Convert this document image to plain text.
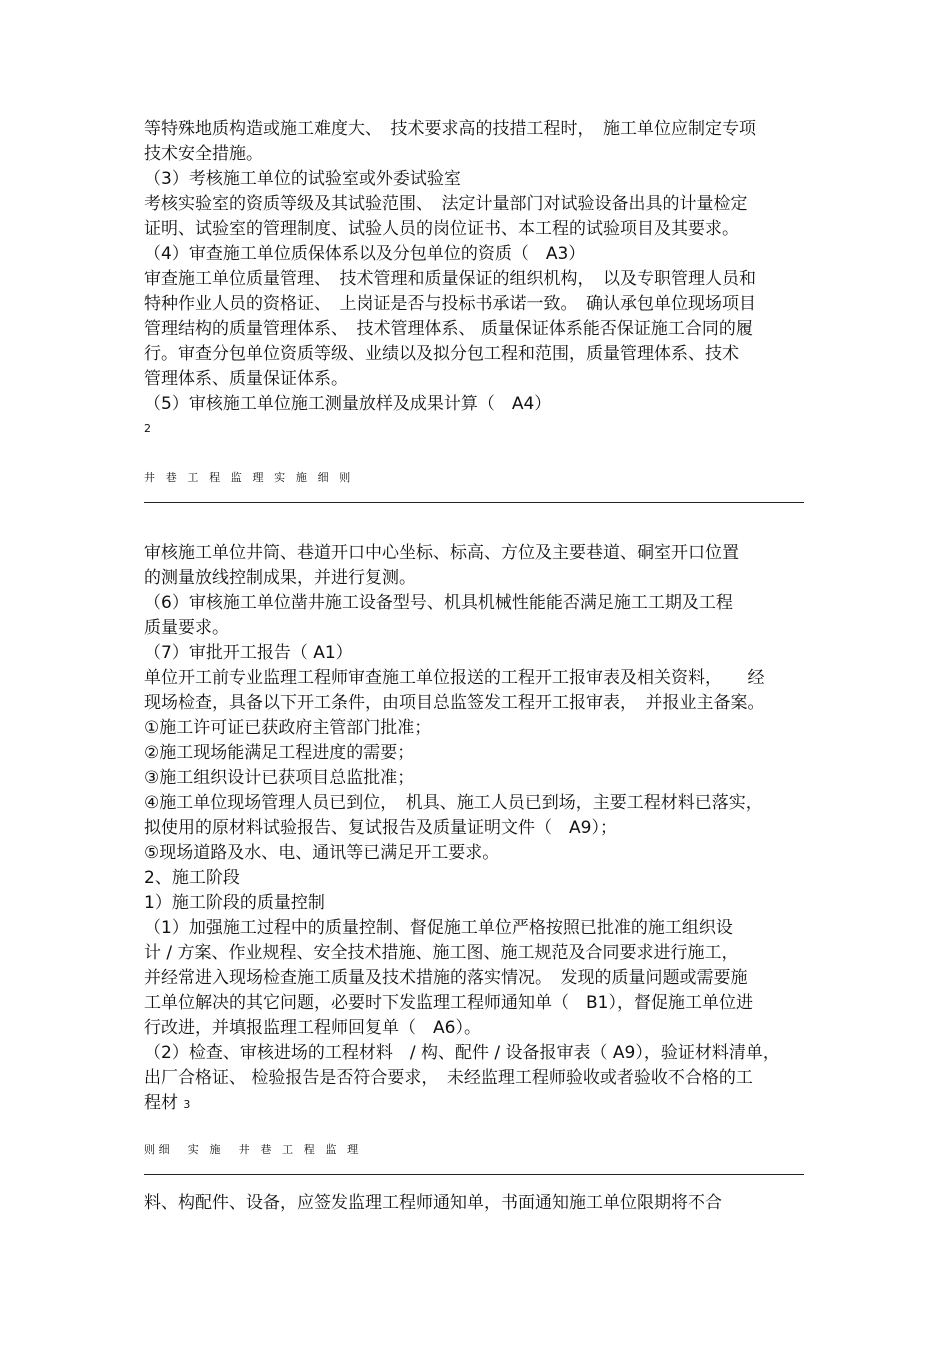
等特殊地质构造或施工难度大、　技术要求高的技措工程时，　施工单位应制定专项
技术安全措施。
（3）考核施工单位的试验室或外委试验室
考核实验室的资质等级及其试验范围、　法定计量部门对试验设备出具的计量检定
证明、试验室的管理制度、试验人员的岗位证书、本工程的试验项目及其要求。
（4）审查施工单位质保体系以及分包单位的资质（　A3）
审查施工单位质量管理、　技术管理和质量保证的组织机构，　以及专职管理人员和
特种作业人员的资格证、　上岗证是否与投标书承诺一致。　确认承包单位现场项目
管理结构的质量管理体系、　技术管理体系、 质量保证体系能否保证施工合同的履
行。审查分包单位资质等级、业绩以及拟分包工程和范围，质量管理体系、技术
管理体系、质量保证体系。
（5）审核施工单位施工测量放样及成果计算（　A4）
2
井 巷 工 程 监 理 实 施 细 则
审核施工单位井筒、巷道开口中心坐标、标高、方位及主要巷道、硐室开口位置
的测量放线控制成果，并进行复测。
（6）审核施工单位凿井施工设备型号、机具机械性能能否满足施工工期及工程
质量要求。
（7）审批开工报告（ A1）
单位开工前专业监理工程师审查施工单位报送的工程开工报审表及相关资料，　　经
现场检查，具备以下开工条件，由项目总监签发工程开工报审表，　并报业主备案。
①施工许可证已获政府主管部门批准；
②施工现场能满足工程进度的需要；
③施工组织设计已获项目总监批准；
④施工单位现场管理人员已到位，　机具、施工人员已到场，主要工程材料已落实，
拟使用的原材料试验报告、复试报告及质量证明文件（　A9）；
⑤现场道路及水、电、通讯等已满足开工要求。
2、施工阶段
1）施工阶段的质量控制
（1）加强施工过程中的质量控制、督促施工单位严格按照已批准的施工组织设
计 / 方案、作业规程、安全技术措施、施工图、施工规范及合同要求进行施工，
并经常进入现场检查施工质量及技术措施的落实情况。　发现的质量问题或需要施
工单位解决的其它问题，必要时下发监理工程师通知单（　B1），督促施工单位进
行改进，并填报监理工程师回复单（　A6）。
（2）检查、审核进场的工程材料　/ 构、配件 / 设备报审表（ A9），验证材料清单，
出厂合格证、 检验报告是否符合要求，　未经监理工程师验收或者验收不合格的工
程材 3
则细　实 施　井 巷 工 程 监 理
料、构配件、设备，应签发监理工程师通知单，书面通知施工单位限期将不合
